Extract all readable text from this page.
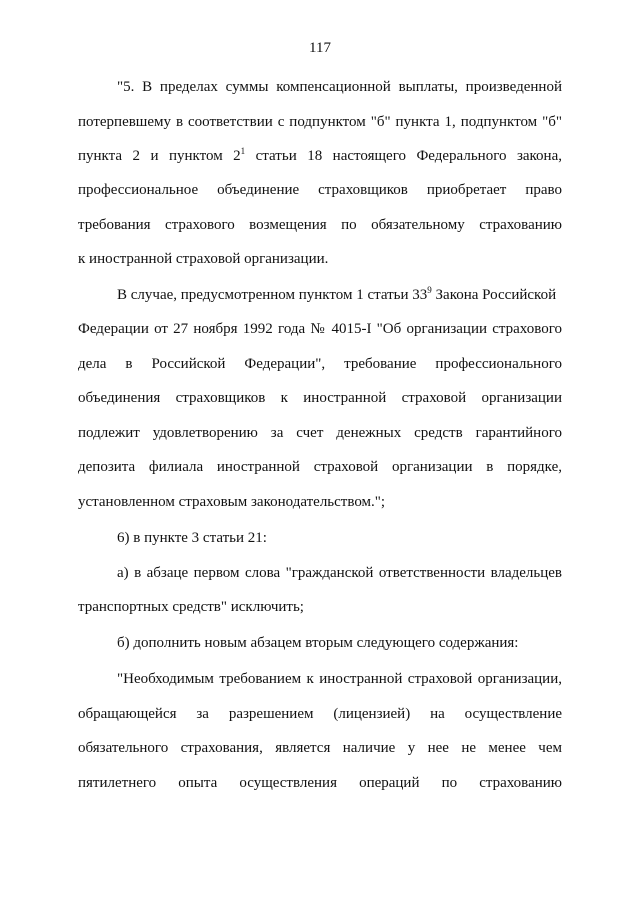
117
"5. В пределах суммы компенсационной выплаты, произведенной
потерпевшему в соответствии с подпунктом "б" пункта 1, подпунктом "б"
пункта 2 и пунктом $2^1$ статьи 18 настоящего Федерального закона,
профессиональное объединение страховщиков приобретает право
требования страхового возмещения по обязательному страхованию
к иностранной страховой организации.
В случае, предусмотренном пунктом 1 статьи $33^9$ Закона Российской
Федерации от 27 ноября 1992 года № 4015-I "Об организации страхового
дела в Российской Федерации", требование профессионального
объединения страховщиков к иностранной страховой организации
подлежит удовлетворению за счет денежных средств гарантийного
депозита филиала иностранной страховой организации в порядке,
установленном страховым законодательством.";
6) в пункте 3 статьи 21:
а) в абзаце первом слова "гражданской ответственности владельцев
транспортных средств" исключить;
б) дополнить новым абзацем вторым следующего содержания:
"Необходимым требованием к иностранной страховой организации,
обращающейся за разрешением (лицензией) на осуществление
обязательного страхования, является наличие у нее не менее чем
пятилетнего опыта осуществления операций по страхованию
